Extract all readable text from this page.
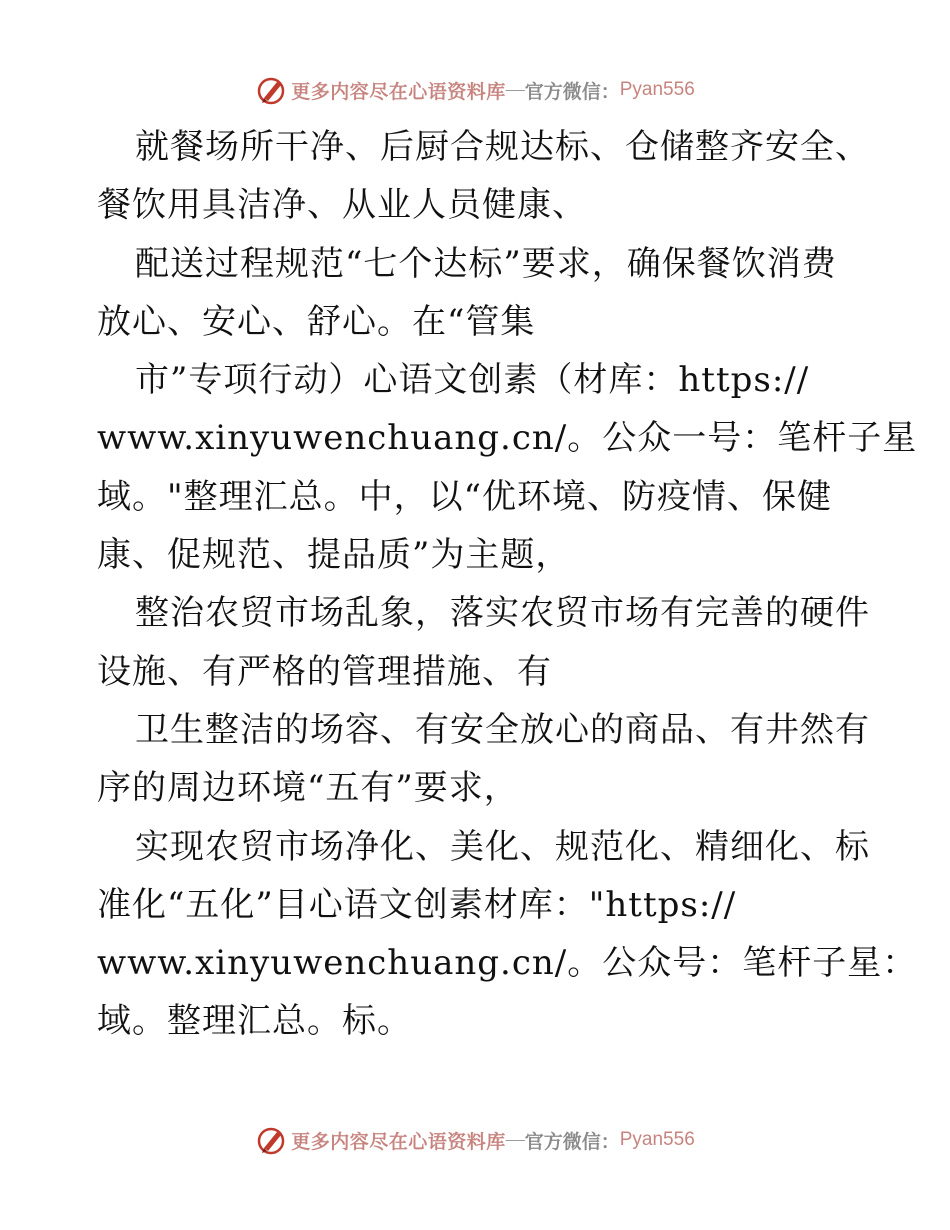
更多内容尽在心语资料库 — 官方微信： Pyan556
就餐场所干净、后厨合规达标、仓储整齐安全、
餐饮用具洁净、从业人员健康、
配送过程规范“七个达标”要求，确保餐饮消费
放心、安心、舒心。在“管集
市”专项行动）心语文创素（材库：https://
www.xinyuwenchuang.cn/。公众一号：笔杆子星
域。"整理汇总。中，以“优环境、防疫情、保健
康、促规范、提品质”为主题，
整治农贸市场乱象，落实农贸市场有完善的硬件
设施、有严格的管理措施、有
卫生整洁的场容、有安全放心的商品、有井然有
序的周边环境“五有”要求，
实现农贸市场净化、美化、规范化、精细化、标
准化“五化”目心语文创素材库："https://
www.xinyuwenchuang.cn/。公众号：笔杆子星：
域。整理汇总。标。
更多内容尽在心语资料库 — 官方微信： Pyan556
